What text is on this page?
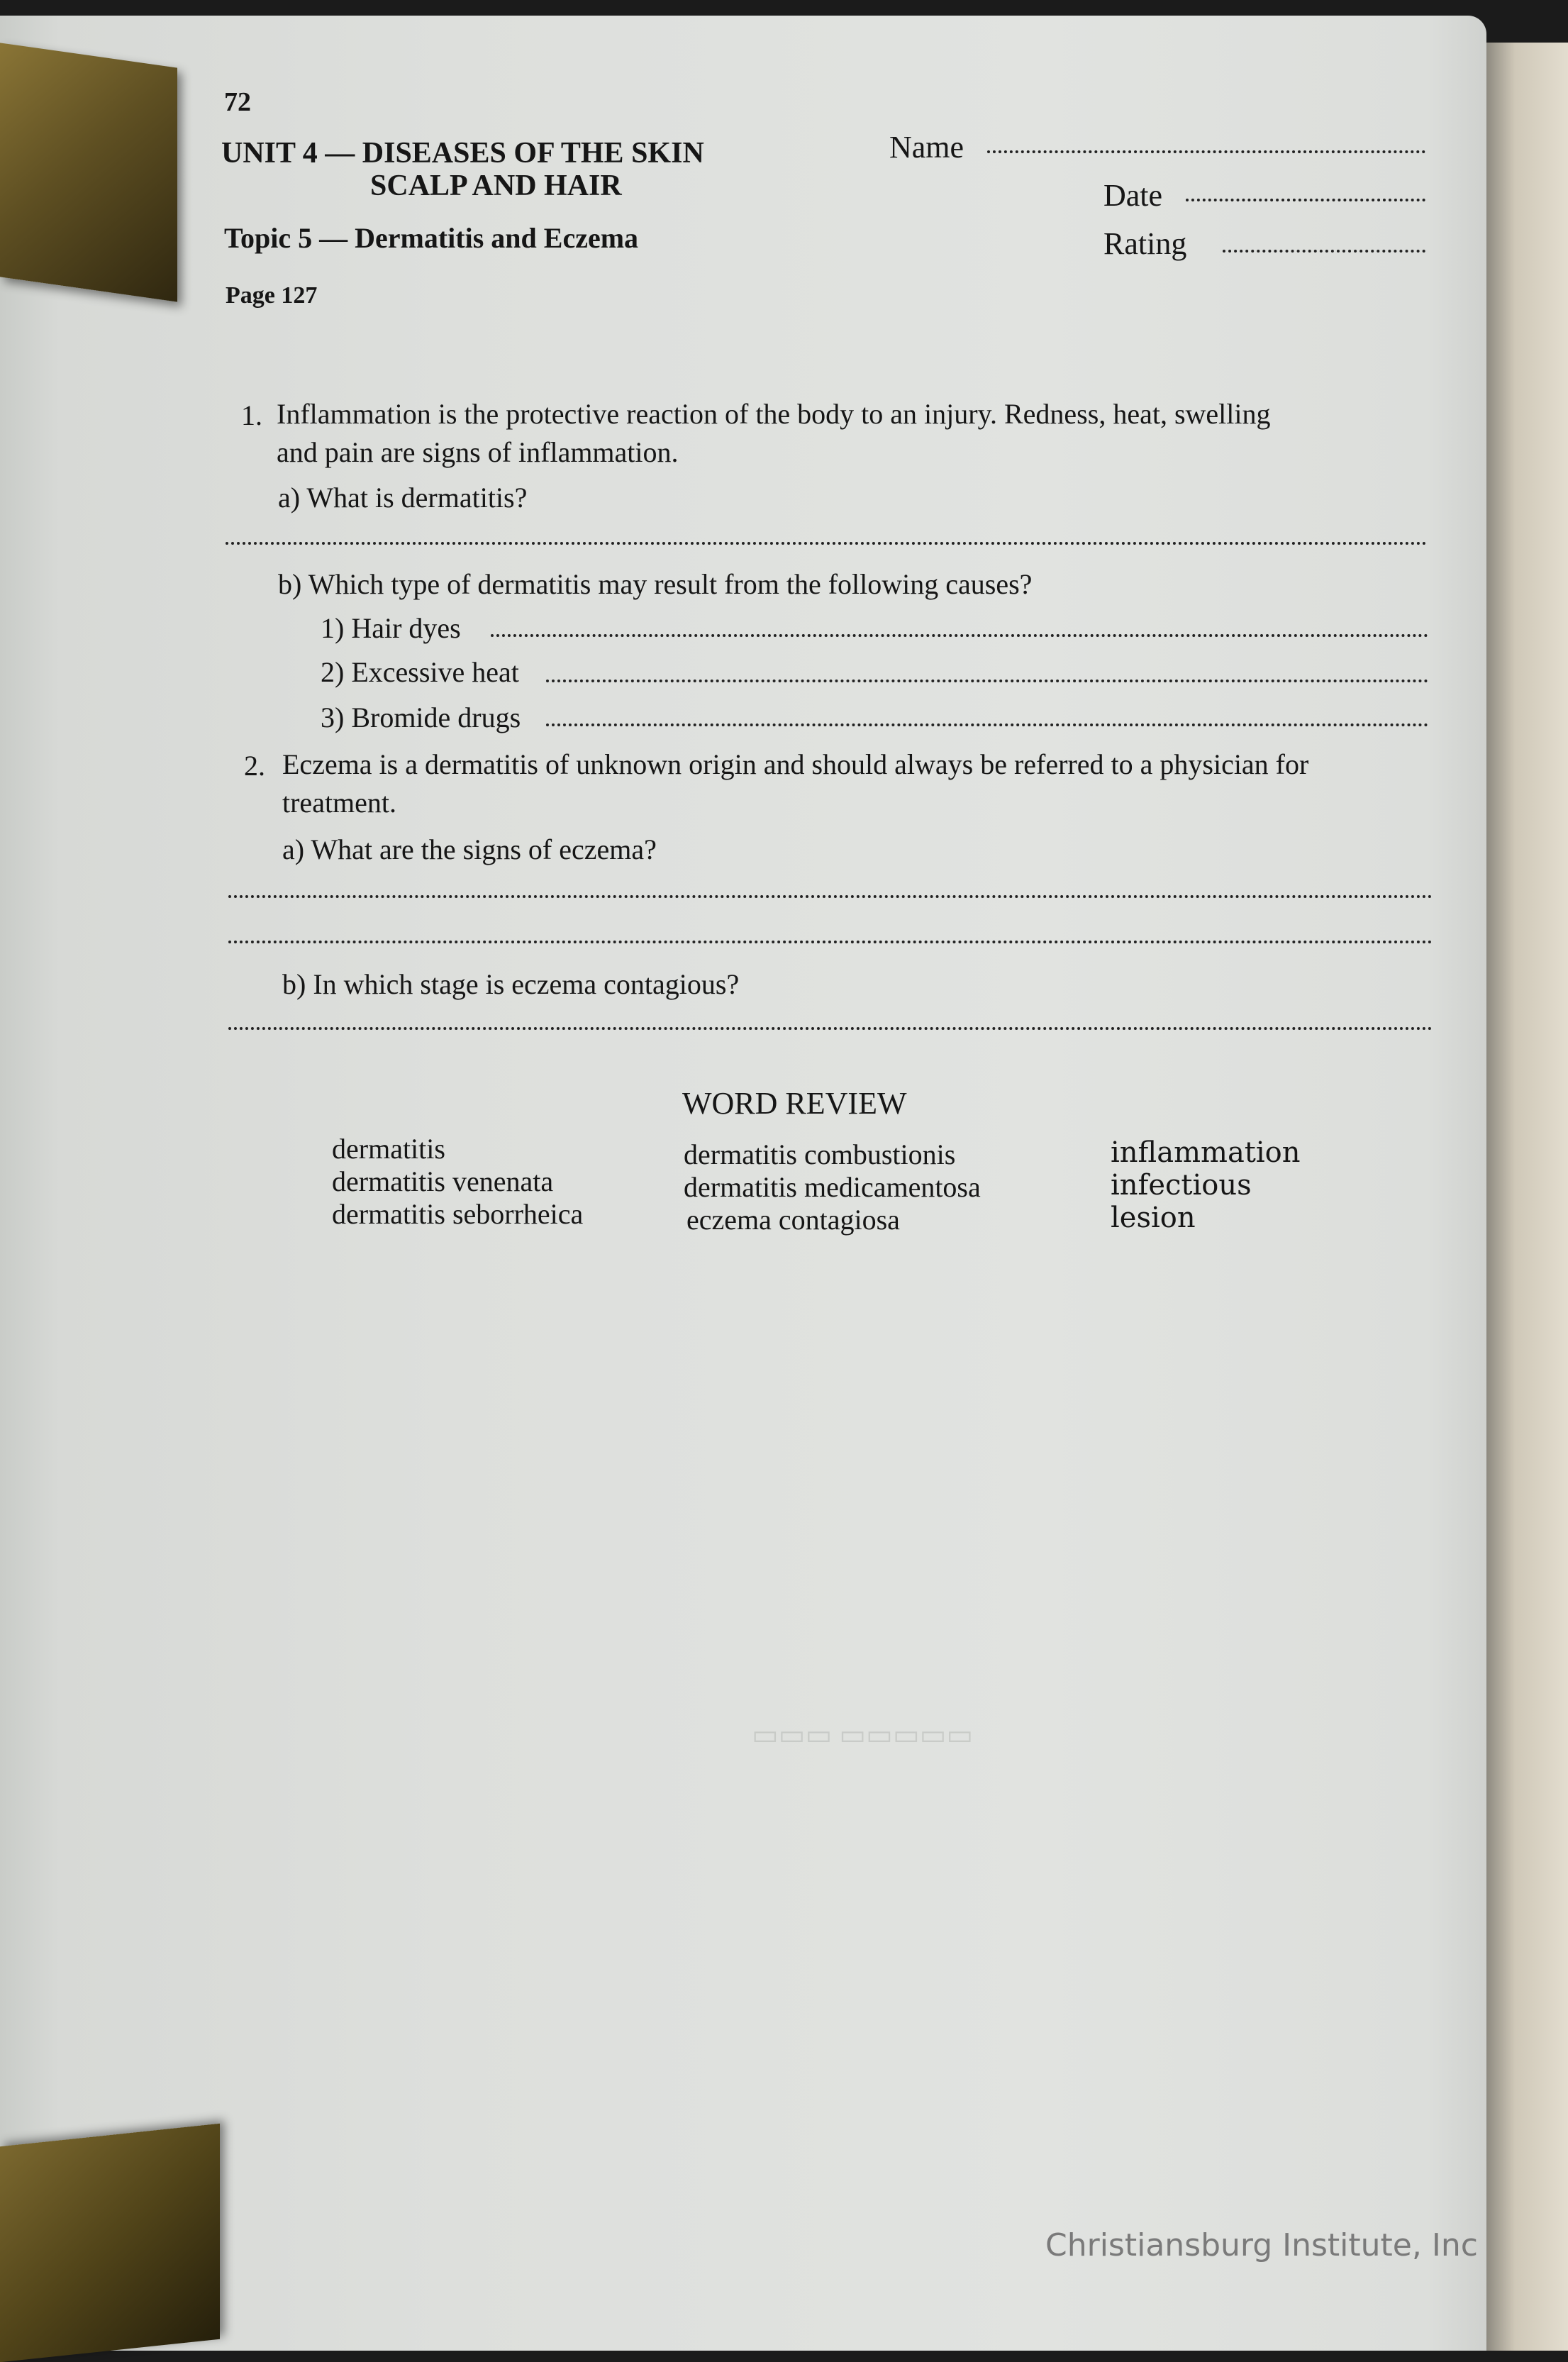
▭▭▭ ▭▭▭▭▭
72
UNIT 4 — DISEASES OF THE SKIN
SCALP AND HAIR
Topic 5 — Dermatitis and Eczema
Page 127
Name
Date
Rating
1. Inflammation is the protective reaction of the body to an injury. Redness, heat, swelling
and pain are signs of inflammation.
a) What is dermatitis?
b) Which type of dermatitis may result from the following causes?
1) Hair dyes
2) Excessive heat
3) Bromide drugs
2. Eczema is a dermatitis of unknown origin and should always be referred to a physician for
treatment.
a) What are the signs of eczema?
b) In which stage is eczema contagious?
WORD REVIEW
dermatitis
dermatitis venenata
dermatitis seborrheica
dermatitis combustionis
dermatitis medicamentosa
eczema contagiosa
inflammation
infectious
lesion
Christiansburg Institute, Inc
